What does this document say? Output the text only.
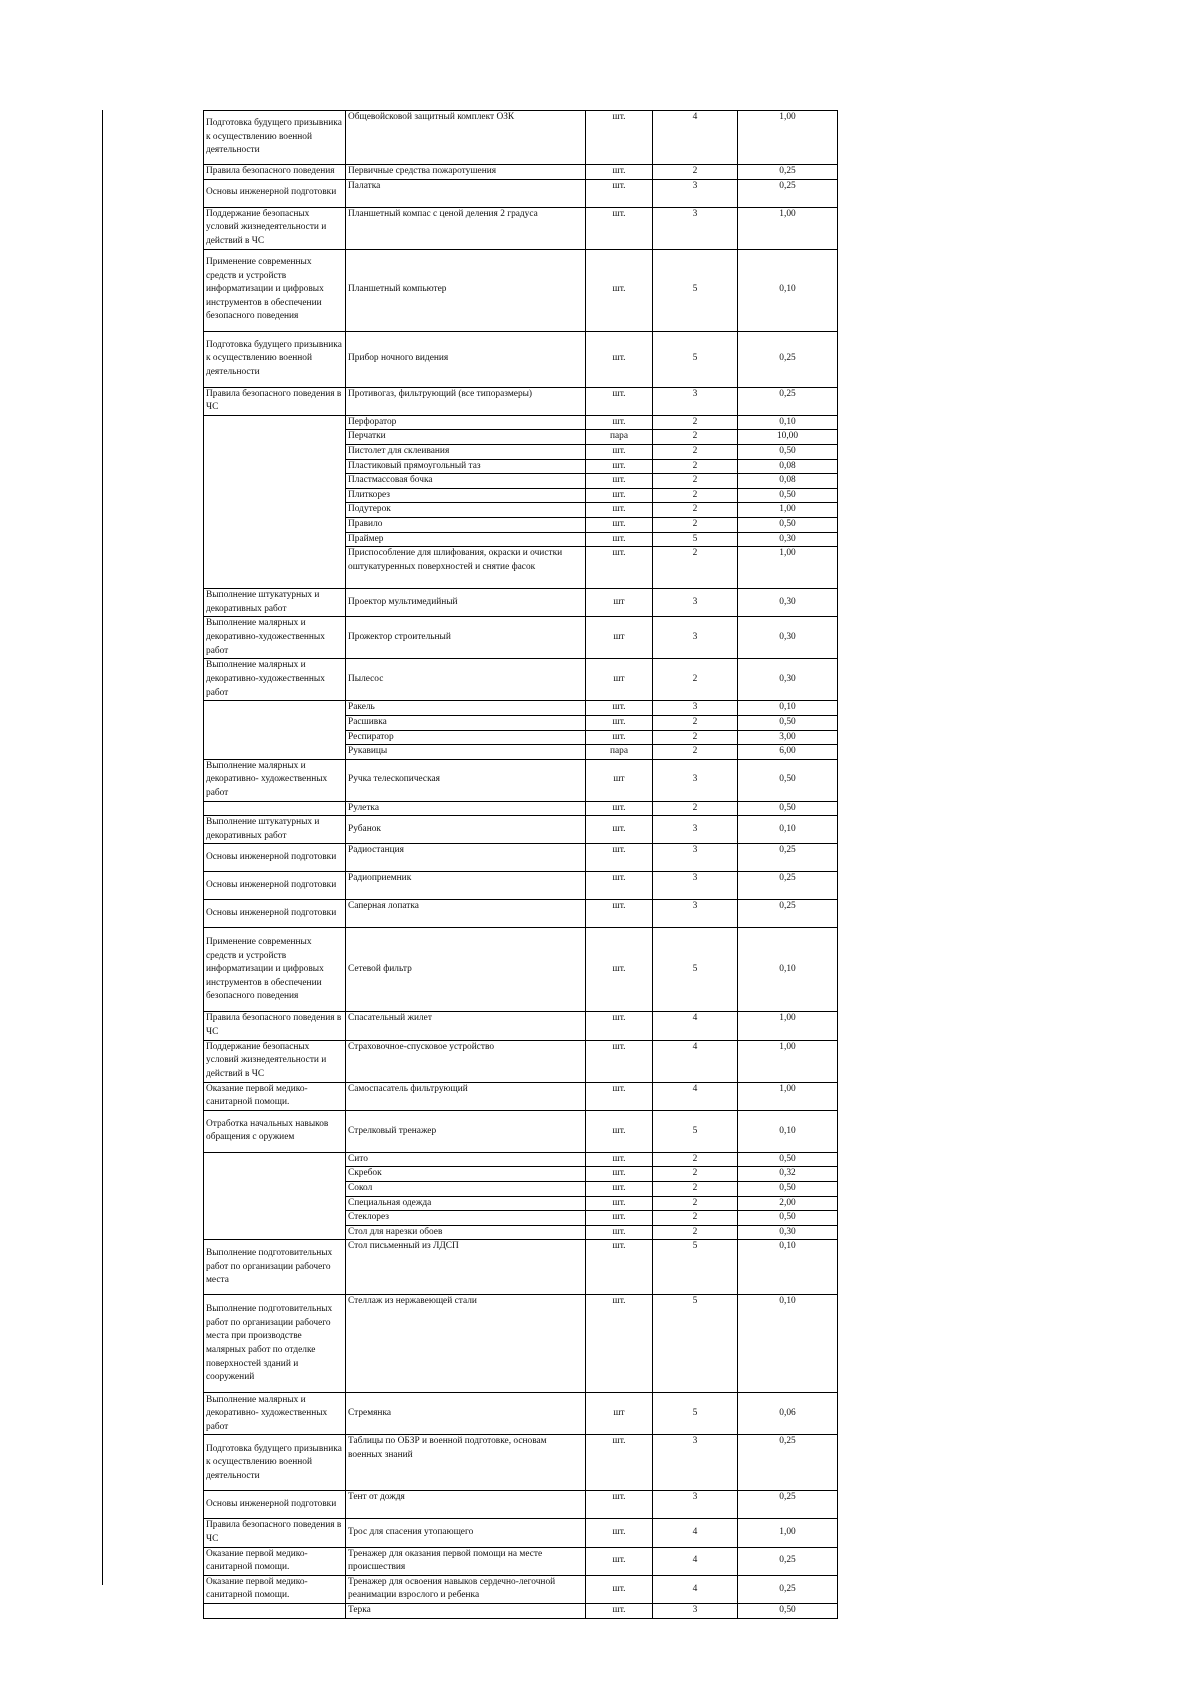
Подготовка будущего призывника к осуществлению военной деятельности	Общевойсковой защитный комплект ОЗК	шт.	4	1,00
Правила безопасного поведения	Первичные средства пожаротушения	шт.	2	0,25
Основы инженерной подготовки	Палатка	шт.	3	0,25
Поддержание безопасных условий жизнедеятельности и действий в ЧС	Планшетный компас с ценой деления 2 градуса	шт.	3	1,00
Применение современных средств и устройств информатизации и цифровых инструментов в обеспечении безопасного поведения	Планшетный компьютер	шт.	5	0,10
Подготовка будущего призывника к осуществлению военной деятельности	Прибор ночного видения	шт.	5	0,25
Правила безопасного поведения в ЧС	Противогаз, фильтрующий (все типоразмеры)	шт.	3	0,25
	Перфоратор	шт.	2	0,10
	Перчатки	пара	2	10,00
	Пистолет для склеивания	шт.	2	0,50
	Пластиковый прямоугольный таз	шт.	2	0,08
	Пластмассовая бочка	шт.	2	0,08
	Плиткорез	шт.	2	0,50
	Подутерок	шт.	2	1,00
	Правило	шт.	2	0,50
	Праймер	шт.	5	0,30
	Приспособление для шлифования, окраски и очистки оштукатуренных поверхностей и снятие фасок	шт.	2	1,00
Выполнение штукатурных и декоративных работ	Проектор мультимедийный	шт	3	0,30
Выполнение малярных и декоративно-художественных работ	Прожектор строительный	шт	3	0,30
Выполнение малярных и декоративно-художественных работ	Пылесос	шт	2	0,30
	Ракель	шт.	3	0,10
	Расшивка	шт.	2	0,50
	Респиратор	шт.	2	3,00
	Рукавицы	пара	2	6,00
Выполнение малярных и декоративно- художественных работ	Ручка телескопическая	шт	3	0,50
	Рулетка	шт.	2	0,50
Выполнение штукатурных и декоративных работ	Рубанок	шт.	3	0,10
Основы инженерной подготовки	Радиостанция	шт.	3	0,25
Основы инженерной подготовки	Радиоприемник	шт.	3	0,25
Основы инженерной подготовки	Саперная лопатка	шт.	3	0,25
Применение современных средств и устройств информатизации и цифровых инструментов в обеспечении безопасного поведения	Сетевой фильтр	шт.	5	0,10
Правила безопасного поведения в ЧС	Спасательный жилет	шт.	4	1,00
Поддержание безопасных условий жизнедеятельности и действий в ЧС	Страховочное-спусковое устройство	шт.	4	1,00
Оказание первой медико-санитарной помощи.	Самоспасатель фильтрующий	шт.	4	1,00
Отработка начальных навыков обращения с оружием	Стрелковый тренажер	шт.	5	0,10
	Сито	шт.	2	0,50
	Скребок	шт.	2	0,32
	Сокол	шт.	2	0,50
	Специальная одежда	шт.	2	2,00
	Стеклорез	шт.	2	0,50
	Стол для нарезки обоев	шт.	2	0,30
Выполнение подготовительных работ по организации рабочего места	Стол письменный из ЛДСП	шт.	5	0,10
Выполнение подготовительных работ по организации рабочего места при производстве малярных работ по отделке поверхностей зданий и сооружений	Стеллаж из нержавеющей стали	шт.	5	0,10
Выполнение малярных и декоративно- художественных работ	Стремянка	шт	5	0,06
Подготовка будущего призывника к осуществлению военной деятельности	Таблицы по ОБЗР и военной подготовке, основам военных знаний	шт.	3	0,25
Основы инженерной подготовки	Тент от дождя	шт.	3	0,25
Правила безопасного поведения в ЧС	Трос для спасения утопающего	шт.	4	1,00
Оказание первой медико-санитарной помощи.	Тренажер для оказания первой помощи на месте происшествия	шт.	4	0,25
Оказание первой медико-санитарной помощи.	Тренажер для освоения навыков сердечно-легочной реанимации взрослого и ребенка	шт.	4	0,25
	Терка	шт.	3	0,50
